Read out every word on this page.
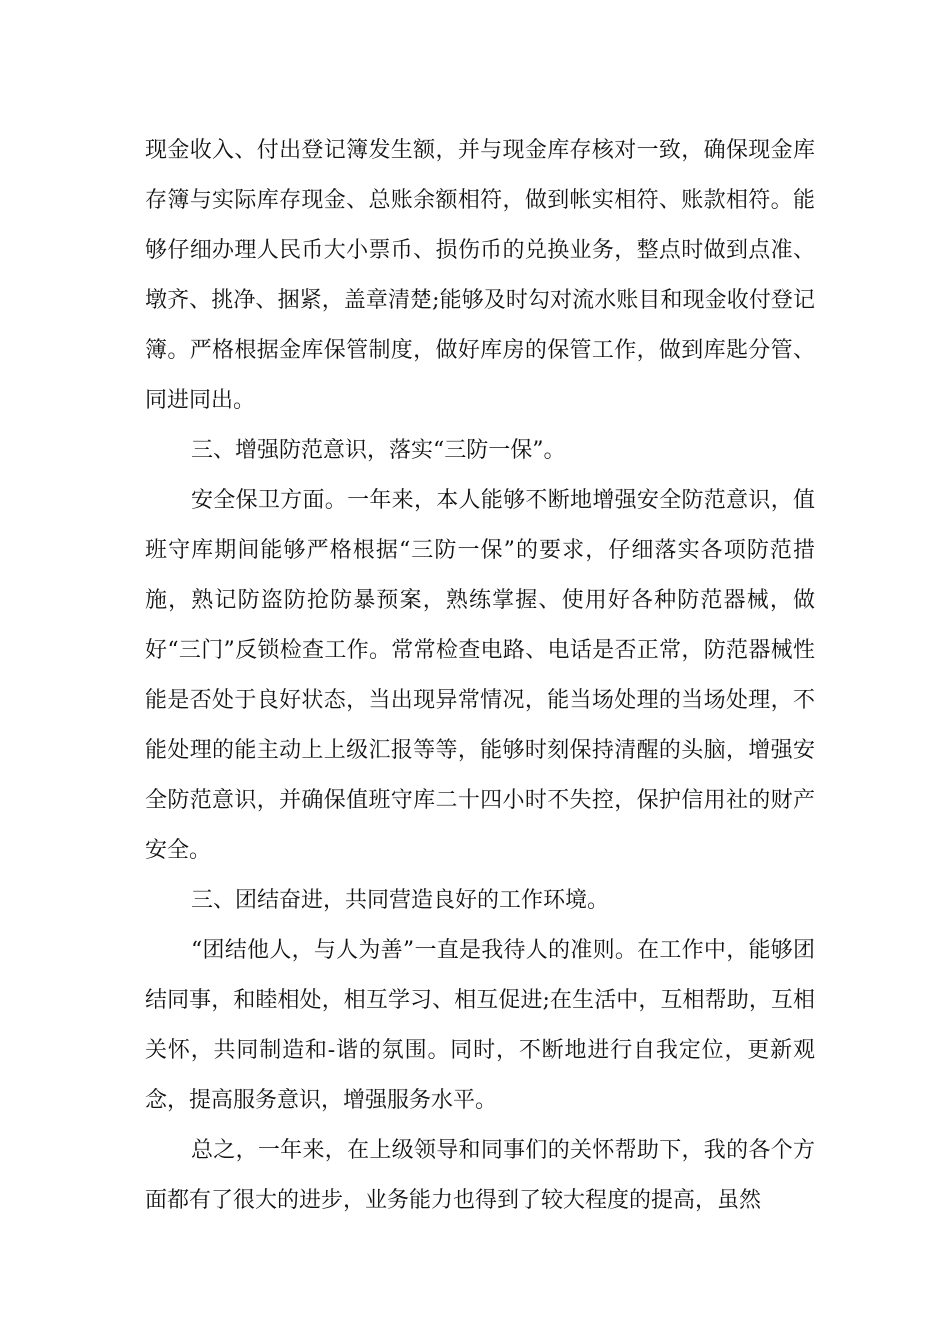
现金收入、付出登记簿发生额，并与现金库存核对一致，确保现金库存簿与实际库存现金、总账余额相符，做到帐实相符、账款相符。能够仔细办理人民币大小票币、损伤币的兑换业务，整点时做到点准、墩齐、挑净、捆紧，盖章清楚;能够及时勾对流水账目和现金收付登记簿。严格根据金库保管制度，做好库房的保管工作，做到库匙分管、同进同出。

三、增强防范意识，落实“三防一保”。

安全保卫方面。一年来，本人能够不断地增强安全防范意识，值班守库期间能够严格根据“三防一保”的要求，仔细落实各项防范措施，熟记防盗防抢防暴预案，熟练掌握、使用好各种防范器械，做好“三门”反锁检查工作。常常检查电路、电话是否正常，防范器械性能是否处于良好状态，当出现异常情况，能当场处理的当场处理，不能处理的能主动上上级汇报等等，能够时刻保持清醒的头脑，增强安全防范意识，并确保值班守库二十四小时不失控，保护信用社的财产安全。

三、团结奋进，共同营造良好的工作环境。

“团结他人，与人为善”一直是我待人的准则。在工作中，能够团结同事，和睦相处，相互学习、相互促进;在生活中，互相帮助，互相关怀，共同制造和-谐的氛围。同时，不断地进行自我定位，更新观念，提高服务意识，增强服务水平。

总之，一年来，在上级领导和同事们的关怀帮助下，我的各个方面都有了很大的进步，业务能力也得到了较大程度的提高，虽然
